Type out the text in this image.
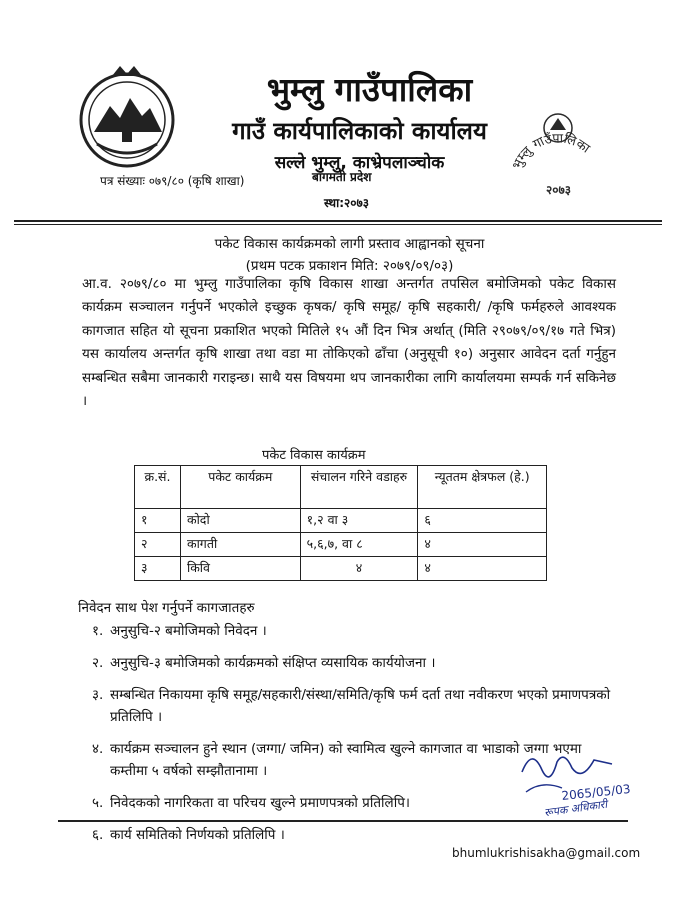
भुम्लु गाउँपालिका
गाउँ कार्यपालिकाको कार्यालय
सल्ले भुम्लु, काभ्रेपलाञ्चोक
पत्र संख्याः ०७९/८० (कृषि शाखा)	बागमती प्रदेश
स्था:२०७३
भुम्लु गाउँपालिका
२०७३
पकेट विकास कार्यक्रमको लागी प्रस्ताव आह्वानको सूचना
(प्रथम पटक प्रकाशन मिति: २०७९/०९/०३)
आ.व. २०७९/८० मा भुम्लु गाउँपालिका कृषि विकास शाखा अन्तर्गत तपसिल बमोजिमको पकेट विकास कार्यक्रम सञ्चालन गर्नुपर्ने भएकोले इच्छुक कृषक/ कृषि समूह/ कृषि सहकारी/ /कृषि फर्महरुले आवश्यक कागजात सहित यो सूचना प्रकाशित भएको मितिले १५ औं दिन भित्र अर्थात् (मिति २९०७९/०९/१७ गते भित्र) यस कार्यालय अन्तर्गत कृषि शाखा तथा वडा मा तोकिएको ढाँचा (अनुसूची १०) अनुसार आवेदन दर्ता गर्नुहुन सम्बन्धित सबैमा जानकारी गराइन्छ। साथै यस विषयमा थप जानकारीका लागि कार्यालयमा सम्पर्क गर्न सकिनेछ ।
पकेट विकास कार्यक्रम
क्र.सं.	पकेट कार्यक्रम	संचालन गरिने वडाहरु	न्यूततम क्षेत्रफल (हे.)
१	कोदो	१,२ वा ३	६
२	कागती	५,६,७, वा ८	४
३	किवि	४	४
निवेदन साथ पेश गर्नुपर्ने कागजातहरु
१. अनुसुचि-२ बमोजिमको निवेदन ।
२. अनुसुचि-३ बमोजिमको कार्यक्रमको संक्षिप्त व्यसायिक कार्ययोजना ।
३. सम्बन्धित निकायमा कृषि समूह/सहकारी/संस्था/समिति/कृषि फर्म दर्ता तथा नवीकरण भएको प्रमाणपत्रको प्रतिलिपि ।
४. कार्यक्रम सञ्चालन हुने स्थान (जग्गा/ जमिन) को स्वामित्व खुल्ने कागजात वा भाडाको जग्गा भएमा कम्तीमा ५ वर्षको सम्झौतानामा ।
५. निवेदकको नागरिकता वा परिचय खुल्ने प्रमाणपत्रको प्रतिलिपि।
६. कार्य समितिको निर्णयको प्रतिलिपि ।
2065/05/03
रूपक अधिकारी
bhumlukrishisakha@gmail.com
